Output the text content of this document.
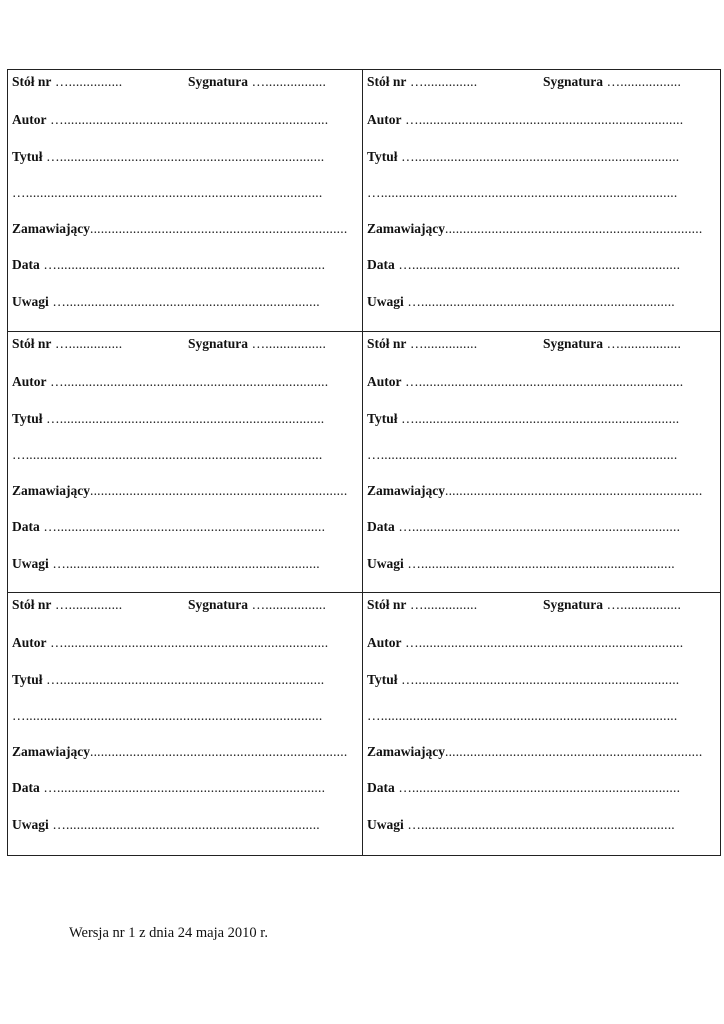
Stół nr …...............	Sygnatura ….................
Autor …..........................................................................
Tytuł …..........................................................................
…...................................................................................
Zamawiający........................................................................
Data …...........................................................................
Uwagi ….......................................................................
Stół nr …...............	Sygnatura ….................
Autor …..........................................................................
Tytuł …..........................................................................
…...................................................................................
Zamawiający........................................................................
Data …...........................................................................
Uwagi ….......................................................................
Stół nr …...............	Sygnatura ….................
Autor …..........................................................................
Tytuł …..........................................................................
…...................................................................................
Zamawiający........................................................................
Data …...........................................................................
Uwagi ….......................................................................
Stół nr …...............	Sygnatura ….................
Autor …..........................................................................
Tytuł …..........................................................................
…...................................................................................
Zamawiający........................................................................
Data …...........................................................................
Uwagi ….......................................................................
Stół nr …...............	Sygnatura ….................
Autor …..........................................................................
Tytuł …..........................................................................
…...................................................................................
Zamawiający........................................................................
Data …...........................................................................
Uwagi ….......................................................................
Stół nr …...............	Sygnatura ….................
Autor …..........................................................................
Tytuł …..........................................................................
…...................................................................................
Zamawiający........................................................................
Data …...........................................................................
Uwagi ….......................................................................
Wersja nr 1 z dnia 24 maja 2010 r.
